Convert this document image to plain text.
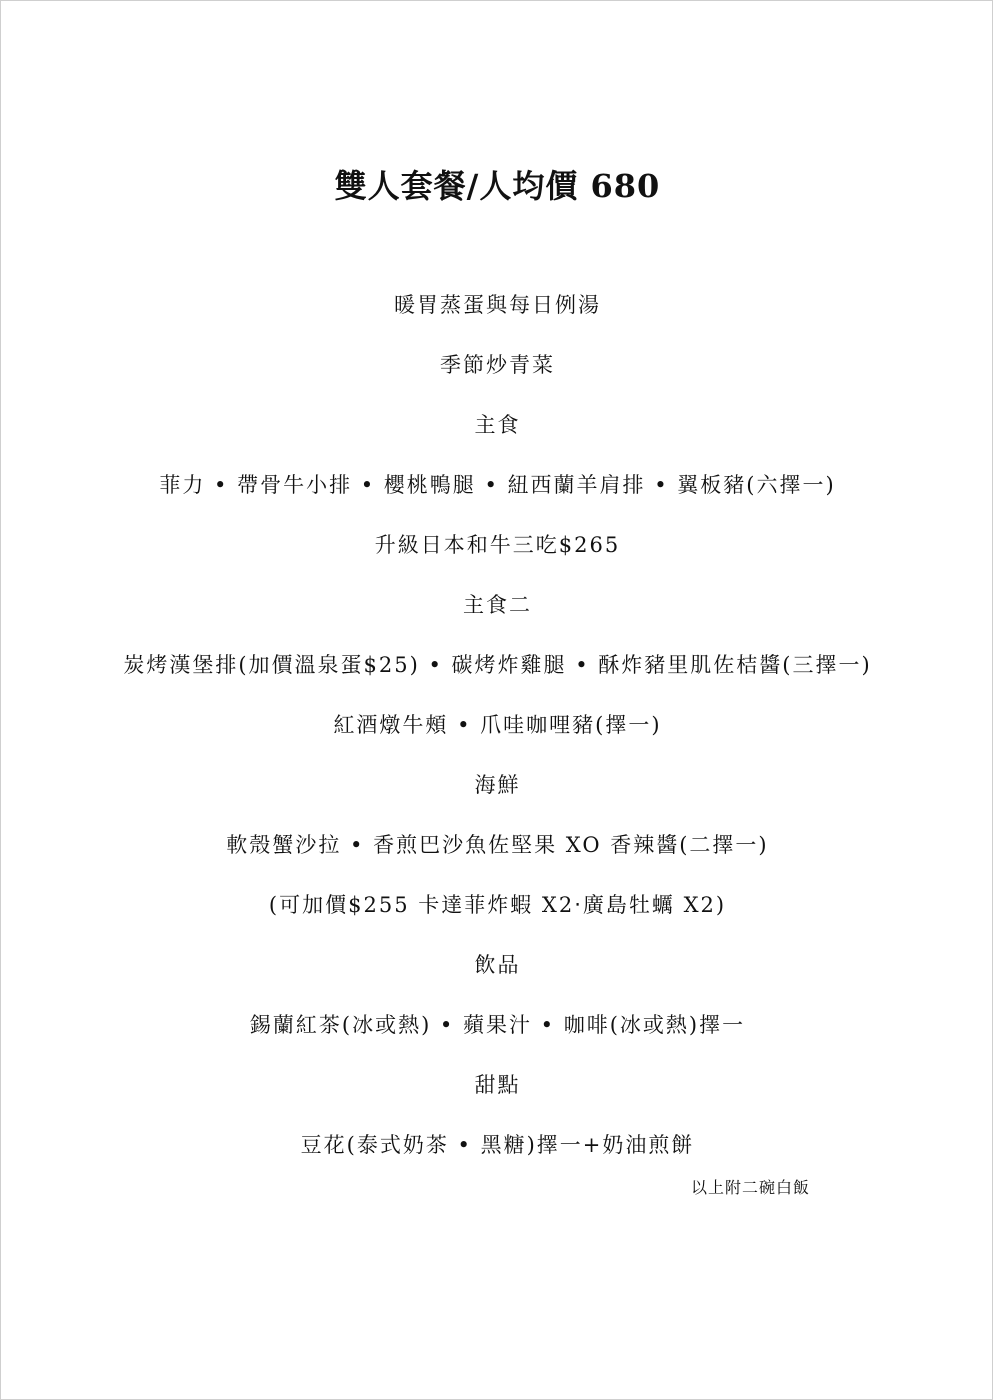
雙人套餐/人均價 680
暖胃蒸蛋與每日例湯
季節炒青菜
主食
菲力 • 帶骨牛小排 • 櫻桃鴨腿 • 紐西蘭羊肩排 • 翼板豬(六擇一)
升級日本和牛三吃$265
主食二
炭烤漢堡排(加價溫泉蛋$25) • 碳烤炸雞腿 • 酥炸豬里肌佐桔醬(三擇一)
紅酒燉牛頰 • 爪哇咖哩豬(擇一)
海鮮
軟殼蟹沙拉 • 香煎巴沙魚佐堅果 XO 香辣醬(二擇一)
(可加價$255 卡達菲炸蝦 X2‧廣島牡蠣 X2)
飲品
錫蘭紅茶(冰或熱) • 蘋果汁 • 咖啡(冰或熱)擇一
甜點
豆花(泰式奶茶 • 黑糖)擇一+奶油煎餅
以上附二碗白飯
